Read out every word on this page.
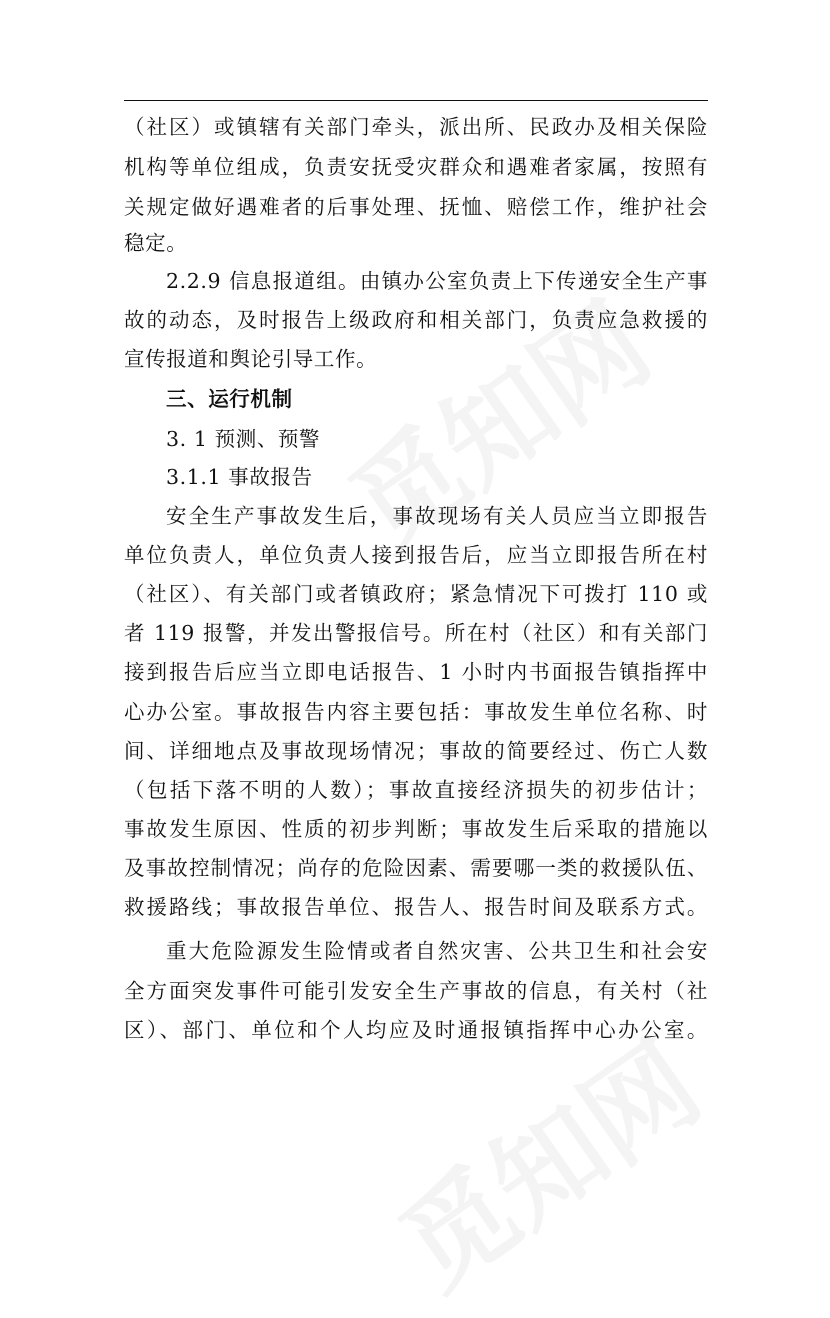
（社区）或镇辖有关部门牵头，派出所、民政办及相关保险
机构等单位组成，负责安抚受灾群众和遇难者家属，按照有
关规定做好遇难者的后事处理、抚恤、赔偿工作，维护社会
稳定。
2.2.9 信息报道组。由镇办公室负责上下传递安全生产事
故的动态，及时报告上级政府和相关部门，负责应急救援的
宣传报道和舆论引导工作。
三、运行机制
3. 1 预测、预警
3.1.1 事故报告
安全生产事故发生后，事故现场有关人员应当立即报告
单位负责人，单位负责人接到报告后，应当立即报告所在村
（社区）、有关部门或者镇政府；紧急情况下可拨打 110 或
者 119 报警，并发出警报信号。所在村（社区）和有关部门
接到报告后应当立即电话报告、1 小时内书面报告镇指挥中
心办公室。事故报告内容主要包括：事故发生单位名称、时
间、详细地点及事故现场情况；事故的简要经过、伤亡人数
（包括下落不明的人数）；事故直接经济损失的初步估计；
事故发生原因、性质的初步判断；事故发生后采取的措施以
及事故控制情况；尚存的危险因素、需要哪一类的救援队伍、
救援路线；事故报告单位、报告人、报告时间及联系方式。
重大危险源发生险情或者自然灾害、公共卫生和社会安
全方面突发事件可能引发安全生产事故的信息，有关村（社
区）、部门、单位和个人均应及时通报镇指挥中心办公室。
